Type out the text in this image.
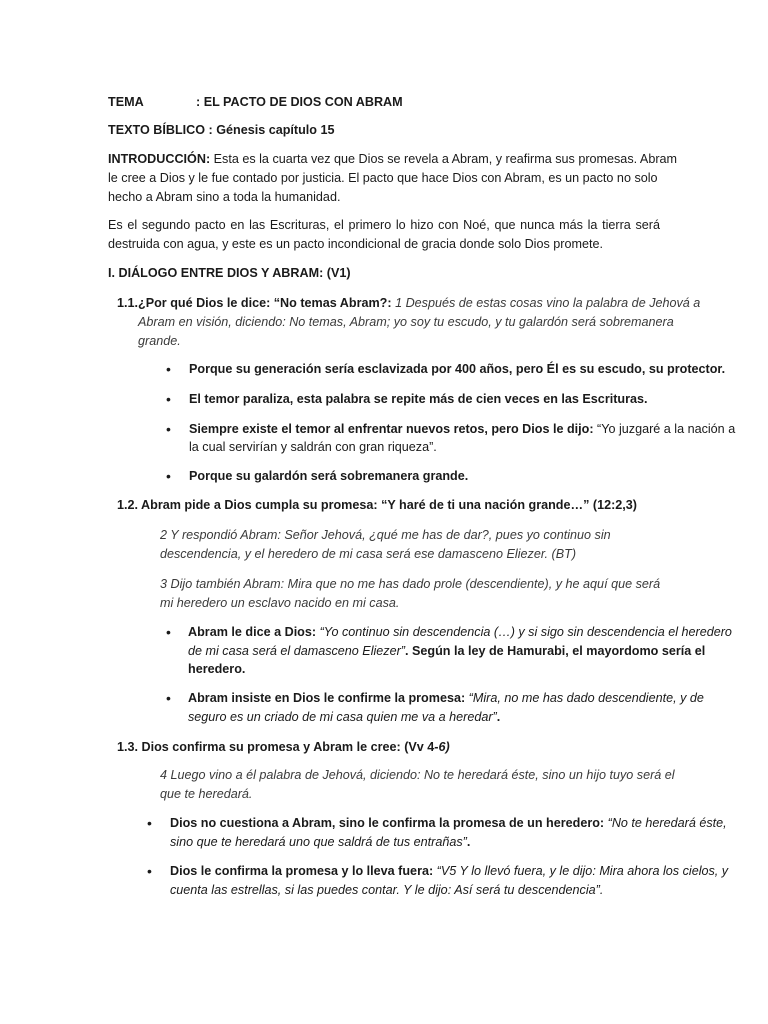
TEMA	: EL PACTO DE DIOS CON ABRAM
TEXTO BÍBLICO : Génesis capítulo 15
INTRODUCCIÓN: Esta es la cuarta vez que Dios se revela a Abram, y reafirma sus promesas. Abram
le cree a Dios y le fue contado por justicia. El pacto que hace Dios con Abram, es un pacto no solo
hecho a Abram sino a toda la humanidad.
Es el segundo pacto en las Escrituras, el primero lo hizo con Noé, que nunca más la tierra será
destruida con agua, y este es un pacto incondicional de gracia donde solo Dios promete.
I. DIÁLOGO ENTRE DIOS Y ABRAM: (V1)
1.1.¿Por qué Dios le dice: “No temas Abram?: 1 Después de estas cosas vino la palabra de Jehová a
Abram en visión, diciendo: No temas, Abram; yo soy tu escudo, y tu galardón será sobremanera
grande.
• Porque su generación sería esclavizada por 400 años, pero Él es su escudo, su protector.
• El temor paraliza, esta palabra se repite más de cien veces en las Escrituras.
• Siempre existe el temor al enfrentar nuevos retos, pero Dios le dijo: “Yo juzgaré a la nación a
la cual servirían y saldrán con gran riqueza”.
• Porque su galardón será sobremanera grande.
1.2. Abram pide a Dios cumpla su promesa: “Y haré de ti una nación grande…” (12:2,3)
2 Y respondió Abram: Señor Jehová, ¿qué me has de dar?, pues yo continuo sin
descendencia, y el heredero de mi casa será ese damasceno Eliezer. (BT)
3 Dijo también Abram: Mira que no me has dado prole (descendiente), y he aquí que será
mi heredero un esclavo nacido en mi casa.
• Abram le dice a Dios: “Yo continuo sin descendencia (…) y si sigo sin descendencia el heredero
de mi casa será el damasceno Eliezer”. Según la ley de Hamurabi, el mayordomo sería el
heredero.
• Abram insiste en Dios le confirme la promesa: “Mira, no me has dado descendiente, y de
seguro es un criado de mi casa quien me va a heredar”.
1.3. Dios confirma su promesa y Abram le cree: (Vv 4-6)
4 Luego vino a él palabra de Jehová, diciendo: No te heredará éste, sino un hijo tuyo será el
que te heredará.
• Dios no cuestiona a Abram, sino le confirma la promesa de un heredero: “No te heredará éste,
sino que te heredará uno que saldrá de tus entrañas”.
• Dios le confirma la promesa y lo lleva fuera: “V5 Y lo llevó fuera, y le dijo: Mira ahora los cielos, y
cuenta las estrellas, si las puedes contar. Y le dijo: Así será tu descendencia”.
